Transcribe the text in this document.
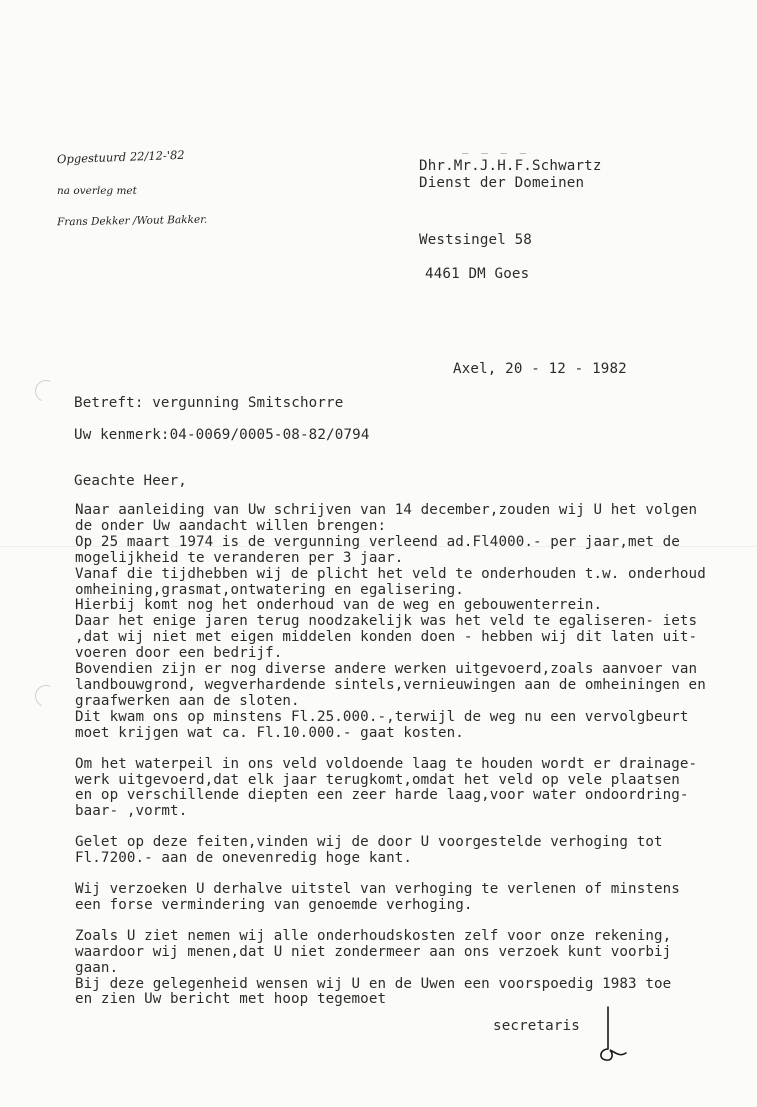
Opgestuurd 22/12-'82
na overleg met
Frans Dekker /Wout Bakker.
_ _ _ _
Dhr.Mr.J.H.F.Schwartz
Dienst der Domeinen
Westsingel 58
4461 DM Goes
Axel, 20 - 12 - 1982
Betreft: vergunning Smitschorre
Uw kenmerk:04-0069/0005-08-82/0794
Geachte Heer,
Naar aanleiding van Uw schrijven van 14 december,zouden wij U het volgen
de onder Uw aandacht willen brengen:
Op 25 maart 1974 is de vergunning verleend ad.Fl4000.- per jaar,met de
mogelijkheid te veranderen per 3 jaar.
Vanaf die tijdhebben wij de plicht het veld te onderhouden t.w. onderhoud
omheining,grasmat,ontwatering en egalisering.
Hierbij komt nog het onderhoud van de weg en gebouwenterrein.
Daar het enige jaren terug noodzakelijk was het veld te egaliseren- iets
,dat wij niet met eigen middelen konden doen - hebben wij dit laten uit-
voeren door een bedrijf.
Bovendien zijn er nog diverse andere werken uitgevoerd,zoals aanvoer van
landbouwgrond, wegverhardende sintels,vernieuwingen aan de omheiningen en
graafwerken aan de sloten.
Dit kwam ons op minstens Fl.25.000.-,terwijl de weg nu een vervolgbeurt
moet krijgen wat ca. Fl.10.000.- gaat kosten.
Om het waterpeil in ons veld voldoende laag te houden wordt er drainage-
werk uitgevoerd,dat elk jaar terugkomt,omdat het veld op vele plaatsen
en op verschillende diepten een zeer harde laag,voor water ondoordring-
baar- ,vormt.
Gelet op deze feiten,vinden wij de door U voorgestelde verhoging tot
Fl.7200.- aan de onevenredig hoge kant.
Wij verzoeken U derhalve uitstel van verhoging te verlenen of minstens
een forse vermindering van genoemde verhoging.
Zoals U ziet nemen wij alle onderhoudskosten zelf voor onze rekening,
waardoor wij menen,dat U niet zondermeer aan ons verzoek kunt voorbij
gaan.
Bij deze gelegenheid wensen wij U en de Uwen een voorspoedig 1983 toe
en zien Uw bericht met hoop tegemoet
secretaris
